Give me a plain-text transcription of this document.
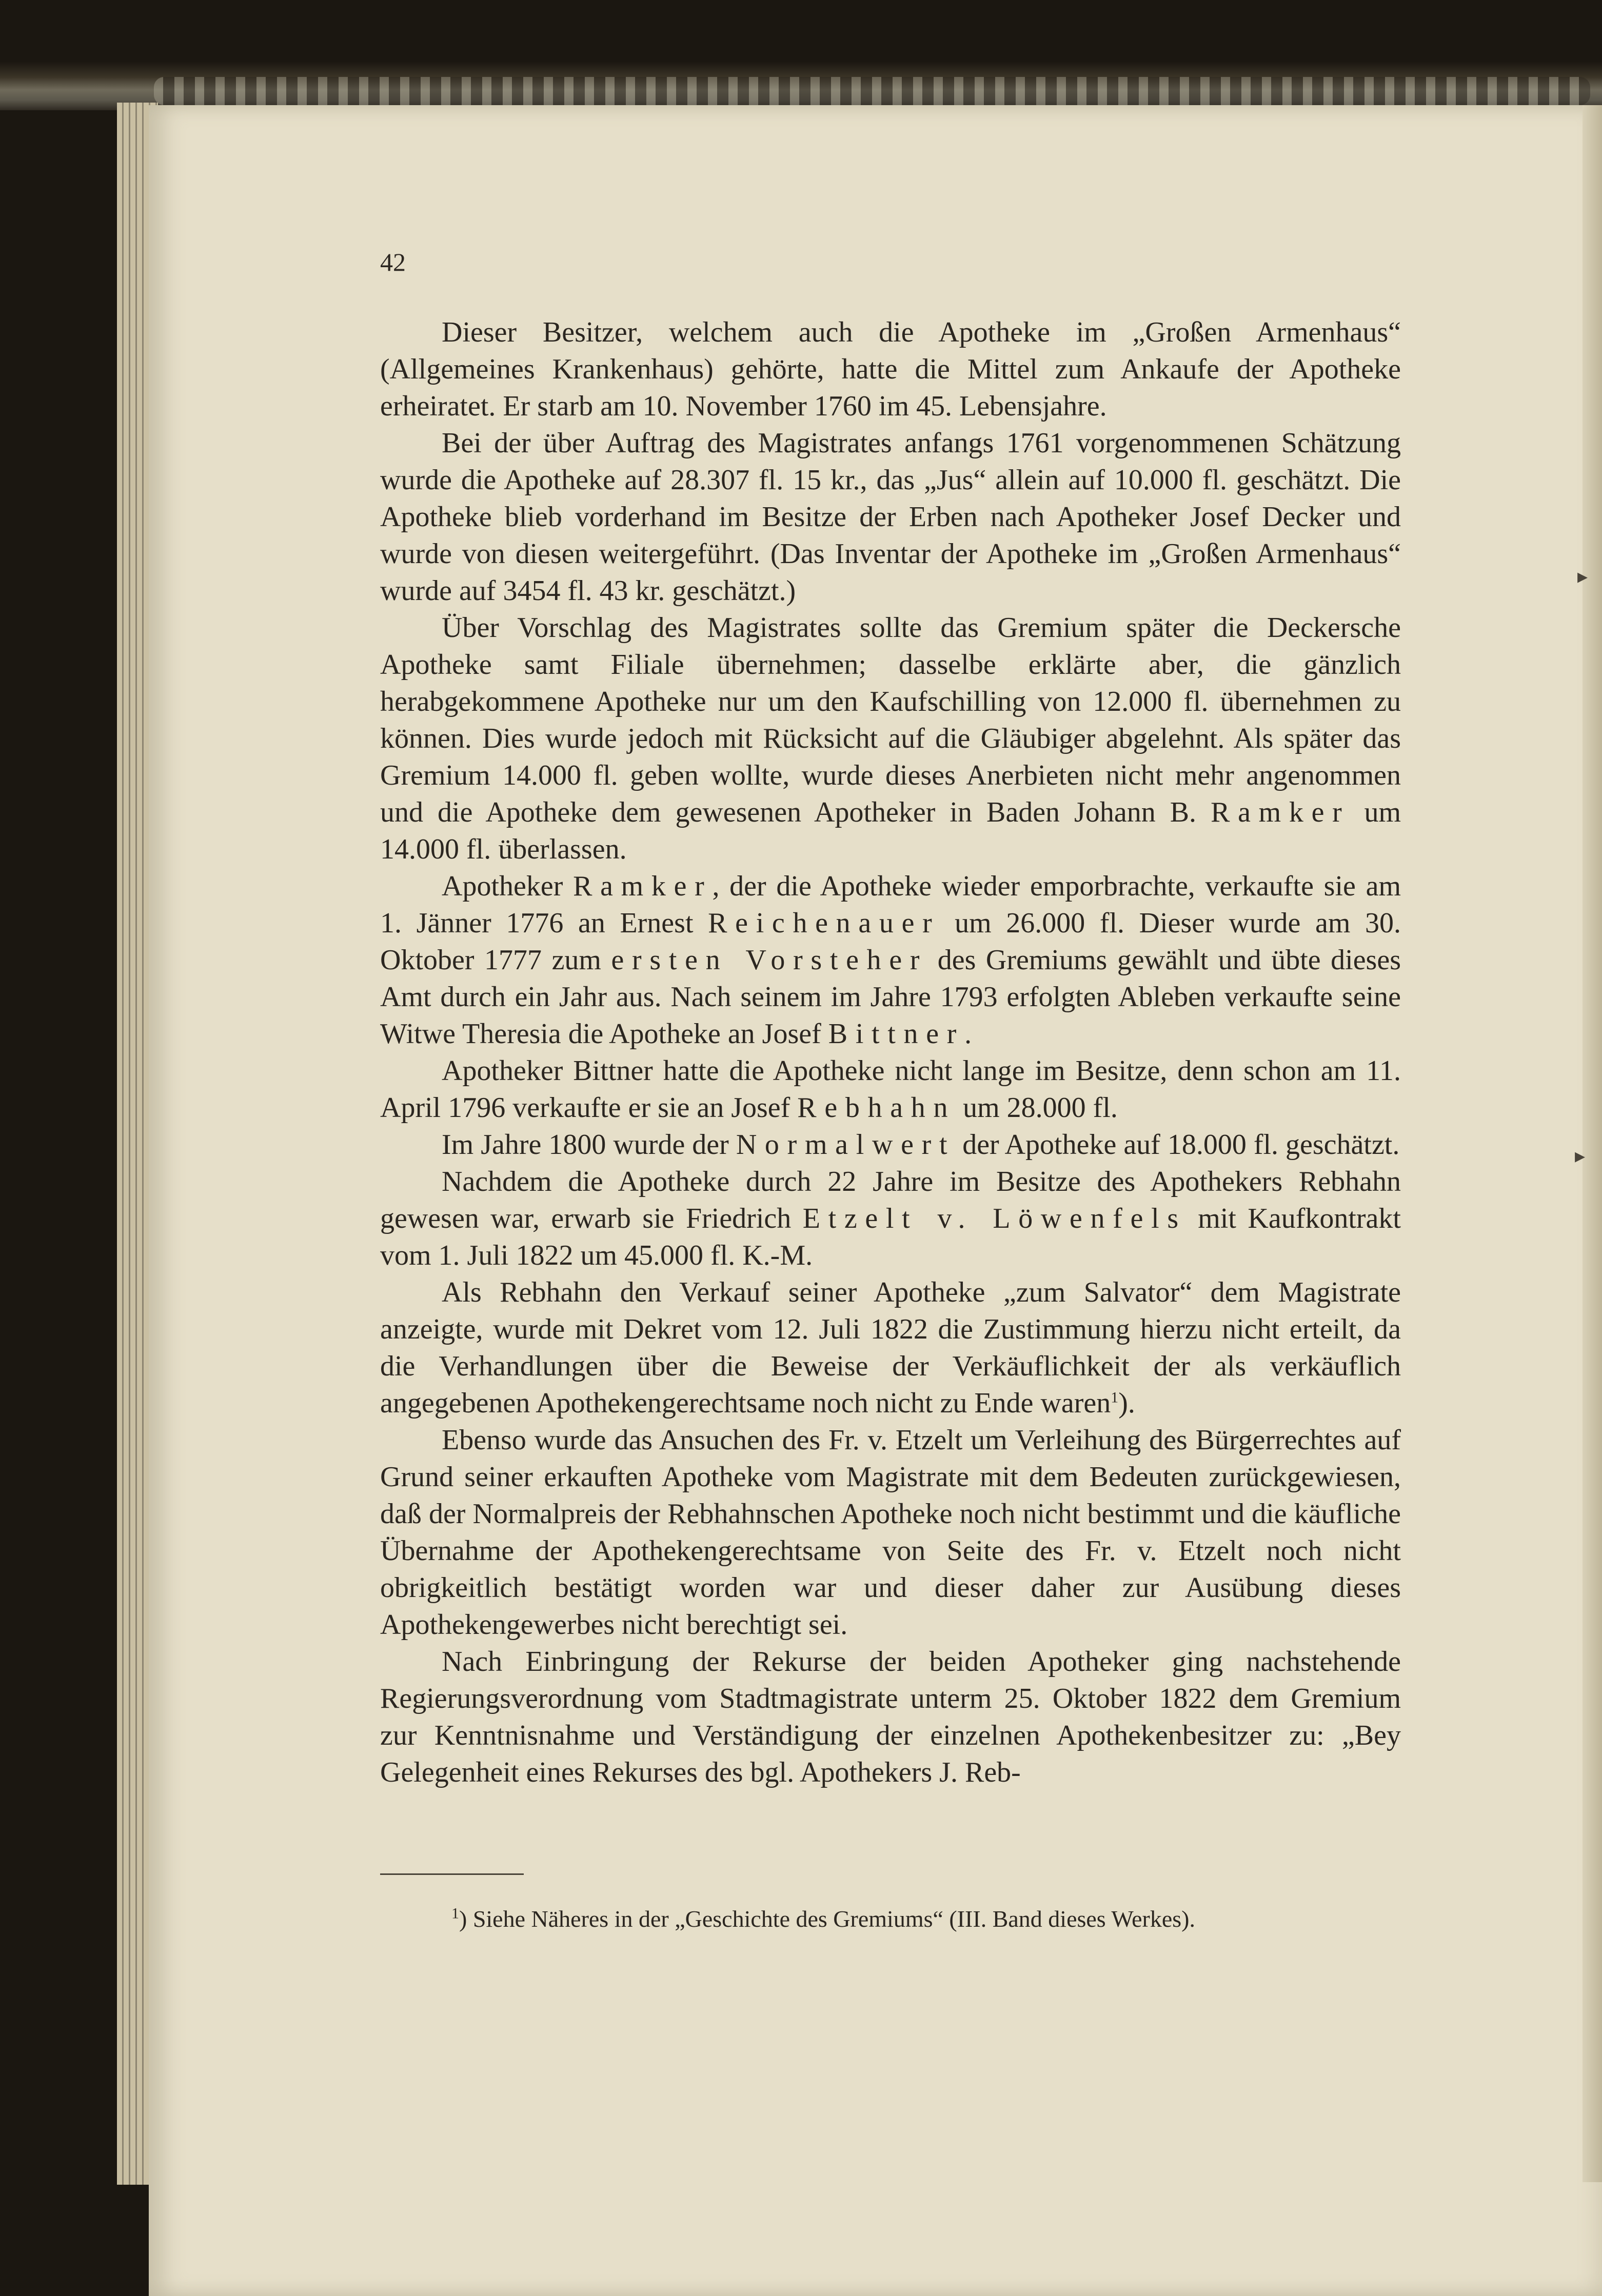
42

Dieser Besitzer, welchem auch die Apotheke im „Großen Armenhaus“ (Allgemeines Krankenhaus) gehörte, hatte die Mittel zum Ankaufe der Apotheke erheiratet. Er starb am 10. November 1760 im 45. Lebensjahre.

Bei der über Auftrag des Magistrates anfangs 1761 vorgenommenen Schätzung wurde die Apotheke auf 28.307 fl. 15 kr., das „Jus“ allein auf 10.000 fl. geschätzt. Die Apotheke blieb vorderhand im Besitze der Erben nach Apotheker Josef Decker und wurde von diesen weitergeführt. (Das Inventar der Apotheke im „Großen Armenhaus“ wurde auf 3454 fl. 43 kr. geschätzt.)

Über Vorschlag des Magistrates sollte das Gremium später die Deckersche Apotheke samt Filiale übernehmen; dasselbe erklärte aber, die gänzlich herabgekommene Apotheke nur um den Kaufschilling von 12.000 fl. übernehmen zu können. Dies wurde jedoch mit Rücksicht auf die Gläubiger abgelehnt. Als später das Gremium 14.000 fl. geben wollte, wurde dieses Anerbieten nicht mehr angenommen und die Apotheke dem gewesenen Apotheker in Baden Johann B. Ramker um 14.000 fl. überlassen.

Apotheker Ramker, der die Apotheke wieder emporbrachte, verkaufte sie am 1. Jänner 1776 an Ernest Reichenauer um 26.000 fl. Dieser wurde am 30. Oktober 1777 zum ersten Vorsteher des Gremiums gewählt und übte dieses Amt durch ein Jahr aus. Nach seinem im Jahre 1793 erfolgten Ableben verkaufte seine Witwe Theresia die Apotheke an Josef Bittner.

Apotheker Bittner hatte die Apotheke nicht lange im Besitze, denn schon am 11. April 1796 verkaufte er sie an Josef Rebhahn um 28.000 fl.

Im Jahre 1800 wurde der Normalwert der Apotheke auf 18.000 fl. geschätzt.

Nachdem die Apotheke durch 22 Jahre im Besitze des Apothekers Rebhahn gewesen war, erwarb sie Friedrich Etzelt v. Löwenfels mit Kaufkontrakt vom 1. Juli 1822 um 45.000 fl. K.-M.

Als Rebhahn den Verkauf seiner Apotheke „zum Salvator“ dem Magistrate anzeigte, wurde mit Dekret vom 12. Juli 1822 die Zustimmung hierzu nicht erteilt, da die Verhandlungen über die Beweise der Verkäuflichkeit der als verkäuflich angegebenen Apothekengerechtsame noch nicht zu Ende waren$^1$).

Ebenso wurde das Ansuchen des Fr. v. Etzelt um Verleihung des Bürgerrechtes auf Grund seiner erkauften Apotheke vom Magistrate mit dem Bedeuten zurückgewiesen, daß der Normalpreis der Rebhahnschen Apotheke noch nicht bestimmt und die käufliche Übernahme der Apothekengerechtsame von Seite des Fr. v. Etzelt noch nicht obrigkeitlich bestätigt worden war und dieser daher zur Ausübung dieses Apothekengewerbes nicht berechtigt sei.

Nach Einbringung der Rekurse der beiden Apotheker ging nachstehende Regierungsverordnung vom Stadtmagistrate unterm 25. Oktober 1822 dem Gremium zur Kenntnisnahme und Verständigung der einzelnen Apothekenbesitzer zu: „Bey Gelegenheit eines Rekurses des bgl. Apothekers J. Reb-

$^1$) Siehe Näheres in der „Geschichte des Gremiums“ (III. Band dieses Werkes).
▸
▸
